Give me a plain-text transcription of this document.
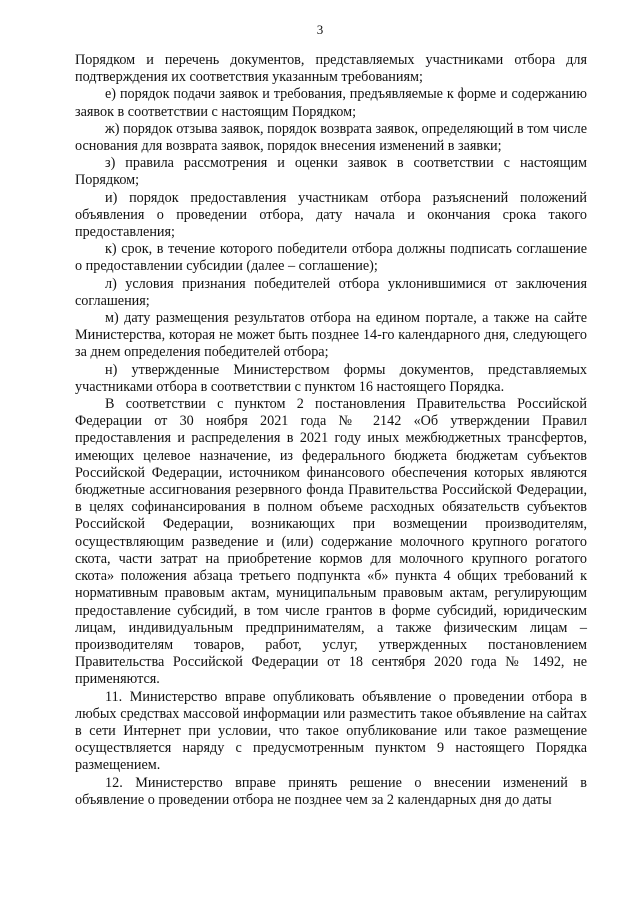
3

Порядком и перечень документов, представляемых участниками отбора для подтверждения их соответствия указанным требованиям;

е) порядок подачи заявок и требования, предъявляемые к форме и содержанию заявок в соответствии с настоящим Порядком;

ж) порядок отзыва заявок, порядок возврата заявок, определяющий в том числе основания для возврата заявок, порядок внесения изменений в заявки;

з) правила рассмотрения и оценки заявок в соответствии с настоящим Порядком;

и) порядок предоставления участникам отбора разъяснений положений объявления о проведении отбора, дату начала и окончания срока такого предоставления;

к) срок, в течение которого победители отбора должны подписать соглашение о предоставлении субсидии (далее – соглашение);

л) условия признания победителей отбора уклонившимися от заключения соглашения;

м) дату размещения результатов отбора на едином портале, а также на сайте Министерства, которая не может быть позднее 14-го календарного дня, следующего за днем определения победителей отбора;

н) утвержденные Министерством формы документов, представляемых участниками отбора в соответствии с пунктом 16 настоящего Порядка.

В соответствии с пунктом 2 постановления Правительства Российской Федерации от 30 ноября 2021 года № 2142 «Об утверждении Правил предоставления и распределения в 2021 году иных межбюджетных трансфертов, имеющих целевое назначение, из федерального бюджета бюджетам субъектов Российской Федерации, источником финансового обеспечения которых являются бюджетные ассигнования резервного фонда Правительства Российской Федерации, в целях софинансирования в полном объеме расходных обязательств субъектов Российской Федерации, возникающих при возмещении производителям, осуществляющим разведение и (или) содержание молочного крупного рогатого скота, части затрат на приобретение кормов для молочного крупного рогатого скота» положения абзаца третьего подпункта «б» пункта 4 общих требований к нормативным правовым актам, муниципальным правовым актам, регулирующим предоставление субсидий, в том числе грантов в форме субсидий, юридическим лицам, индивидуальным предпринимателям, а также физическим лицам – производителям товаров, работ, услуг, утвержденных постановлением Правительства Российской Федерации от 18 сентября 2020 года № 1492, не применяются.

11. Министерство вправе опубликовать объявление о проведении отбора в любых средствах массовой информации или разместить такое объявление на сайтах в сети Интернет при условии, что такое опубликование или такое размещение осуществляется наряду с предусмотренным пунктом 9 настоящего Порядка размещением.

12. Министерство вправе принять решение о внесении изменений в объявление о проведении отбора не позднее чем за 2 календарных дня до даты
